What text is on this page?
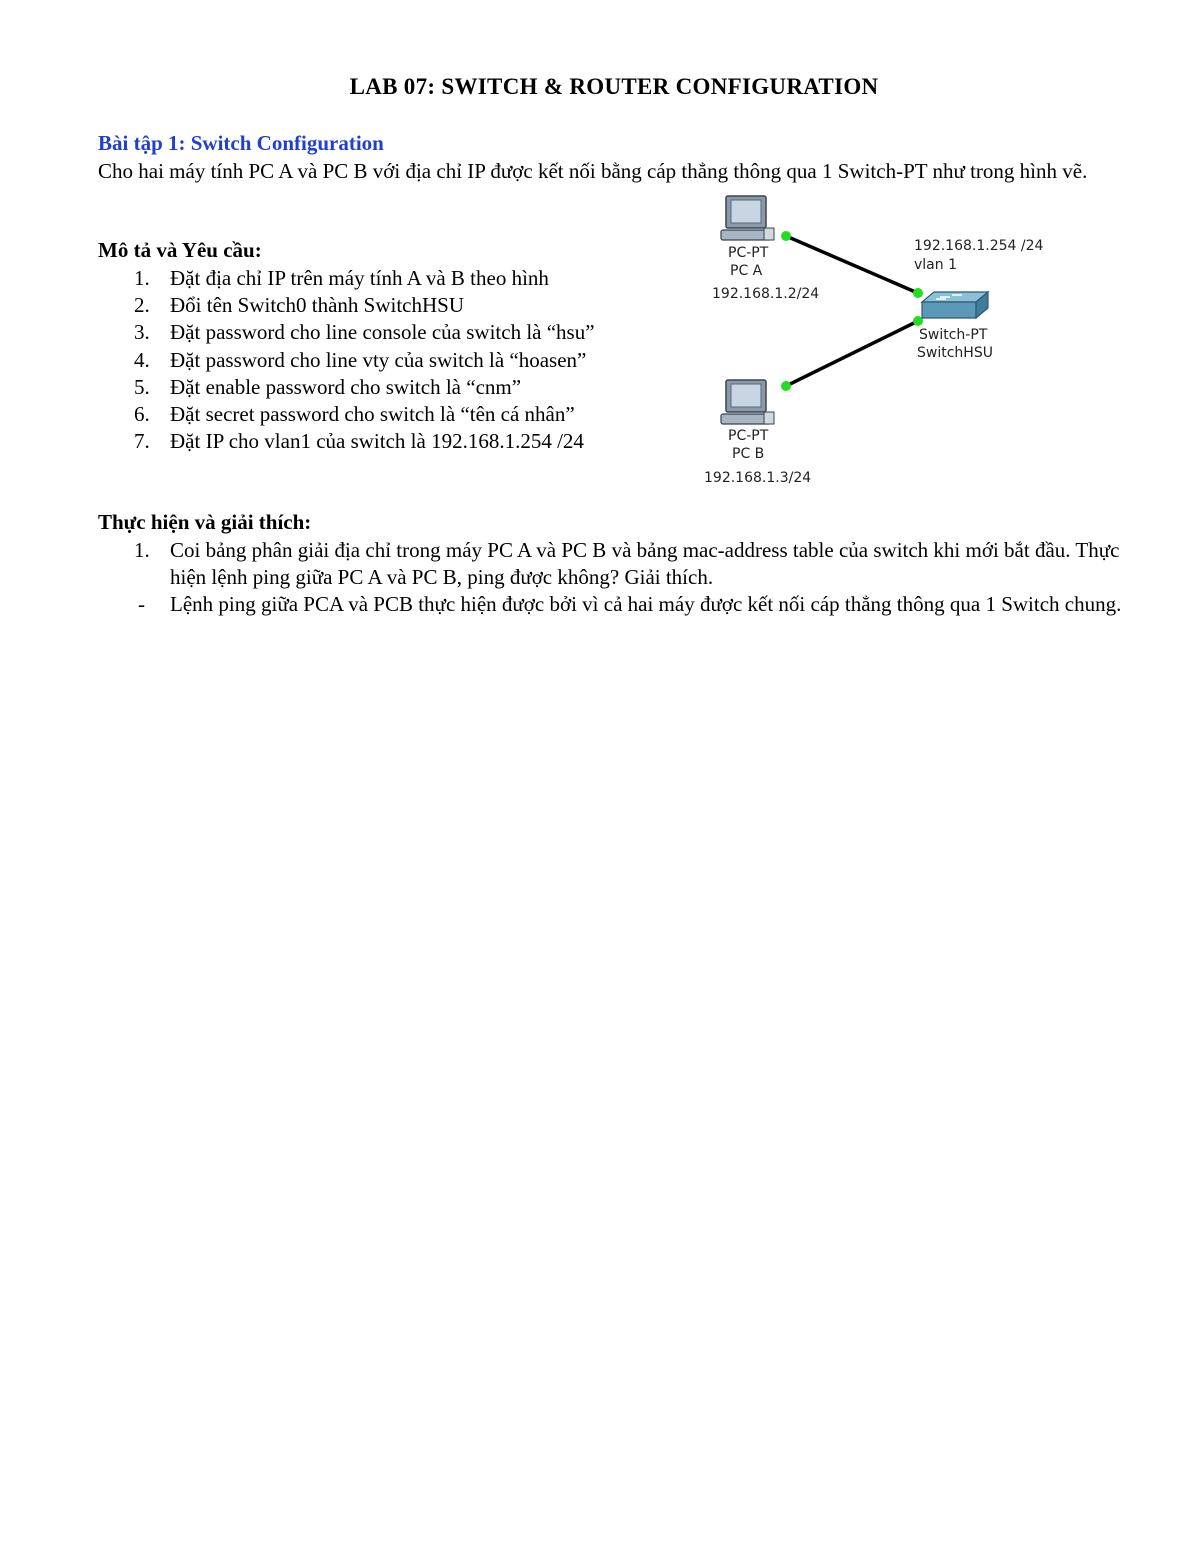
LAB 07: SWITCH & ROUTER CONFIGURATION
Bài tập 1: Switch Configuration
Cho hai máy tính PC A và PC B với địa chỉ IP được kết nối bằng cáp thẳng thông qua 1 Switch-PT như trong hình vẽ.
Mô tả và Yêu cầu:
1. Đặt địa chỉ IP trên máy tính A và B theo hình
2. Đổi tên Switch0 thành SwitchHSU
3. Đặt password cho line console của switch là “hsu”
4. Đặt password cho line vty của switch là “hoasen”
5. Đặt enable password cho switch là “cnm”
6. Đặt secret password cho switch là “tên cá nhân”
7. Đặt IP cho vlan1 của switch là 192.168.1.254 /24
PC-PT
PC A
192.168.1.2/24
PC-PT
PC B
192.168.1.3/24
192.168.1.254 /24
vlan 1
Switch-PT
SwitchHSU
Thực hiện và giải thích:
1. Coi bảng phân giải địa chỉ trong máy PC A và PC B và bảng mac-address table của switch khi mới bắt đầu. Thực hiện lệnh ping giữa PC A và PC B, ping được không? Giải thích.
-	Lệnh ping giữa PCA và PCB thực hiện được bởi vì cả hai máy được kết nối cáp thẳng thông qua 1 Switch chung.
